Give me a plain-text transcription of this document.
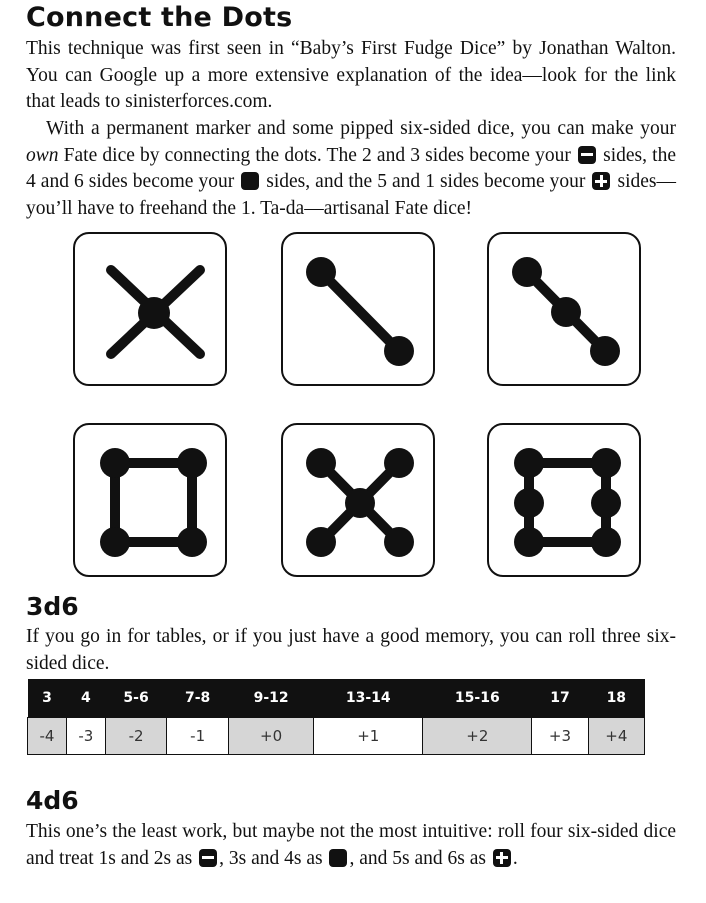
Connect the Dots

This technique was first seen in “Baby’s First Fudge Dice” by Jonathan Walton. You can Google up a more extensive explanation of the idea—look for the link that leads to sinisterforces.com.

With a permanent marker and some pipped six-sided dice, you can make your own Fate dice by connecting the dots. The 2 and 3 sides become your
sides, the 4 and 6 sides become your  sides, and the 5 and 1 sides become your
sides—you’ll have to freehand the 1. Ta-da—artisanal Fate dice!

3d6

If you go in for tables, or if you just have a good memory, you can roll three six-sided dice.

3	4	5-6	7-8	9-12	13-14	15-16	17	18
-4	-3	-2	-1	+0	+1	+2	+3	+4
4d6

This one’s the least work, but maybe not the most intuitive: roll four six-sided dice and treat 1s and 2s as
, 3s and 4s as , and 5s and 6s as
.
